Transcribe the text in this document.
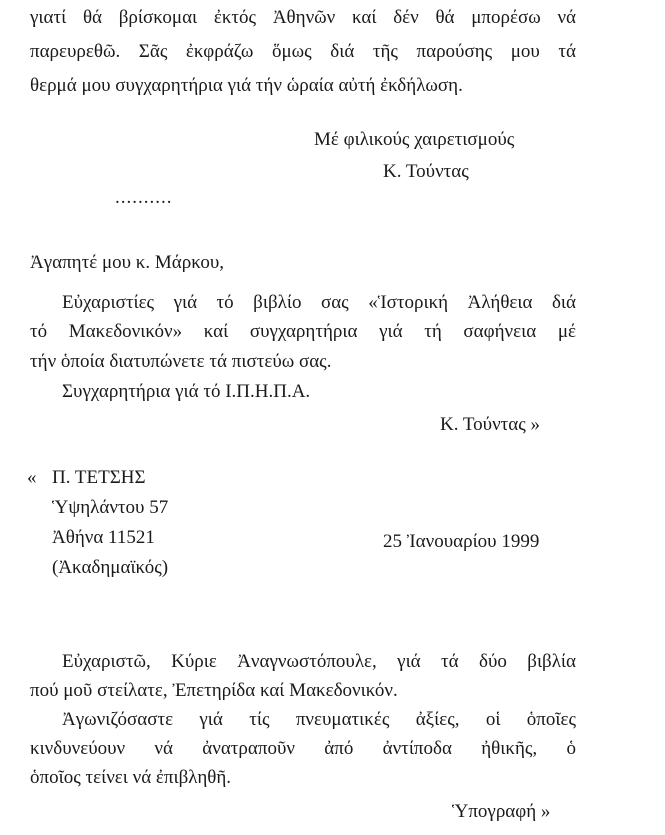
γιατί θά βρίσκομαι ἐκτός Ἀθηνῶν καί δέν θά μπορέσω νά
παρευρεθῶ. Σᾶς ἐκφράζω ὅμως διά τῆς παρούσης μου τά
θερμά μου συγχαρητήρια γιά τήν ὡραία αὐτή ἐκδήλωση.
Μέ φιλικούς χαιρετισμούς
Κ. Τούντας
..........
Ἀγαπητέ μου κ. Μάρκου,
Εὐχαριστίες γιά τό βιβλίο σας «Ἱστορική Ἀλήθεια διά
τό Μακεδονικόν» καί συγχαρητήρια γιά τή σαφήνεια μέ
τήν ὁποία διατυπώνετε τά πιστεύω σας.
Συγχαρητήρια γιά τό Ι.Π.Η.Π.Α.
Κ. Τούντας »
« Π. ΤΕΤΣΗΣ
Ὑψηλάντου 57
Ἀθήνα 11521
(Ἀκαδημαϊκός)
25 Ἰανουαρίου 1999
Εὐχαριστῶ, Κύριε Ἀναγνωστόπουλε, γιά τά δύο βιβλία
πού μοῦ στείλατε, Ἐπετηρίδα καί Μακεδονικόν.
Ἀγωνιζόσαστε γιά τίς πνευματικές ἀξίες, οἱ ὁποῖες
κινδυνεύουν νά ἀνατραποῦν ἀπό ἀντίποδα ἠθικῆς, ὁ
ὁποῖος τείνει νά ἐπιβληθῆ.
Ὑπογραφή »
